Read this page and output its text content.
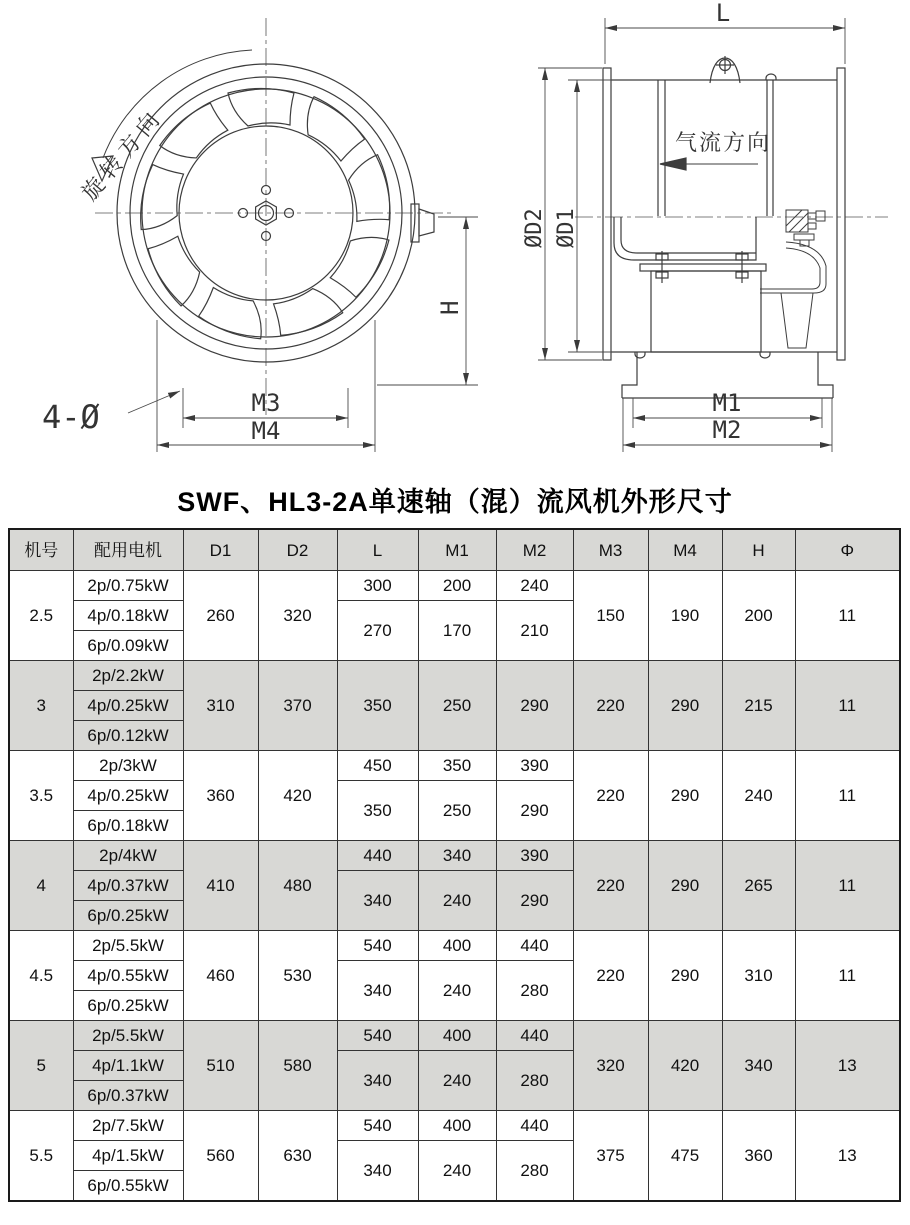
旋转方向
H
M3
M4
4-Ø
气流方向
L
ØD2 ØD1
M1
M2
SWF、HL3-2A单速轴（混）流风机外形尺寸
机号	配用电机	D1	D2	L	M1	M2	M3	M4	H	Φ
2.5	2p/0.75kW	260	320	300	200	240	150	190	200	11
	4p/0.18kW			270	170	210				
	6p/0.09kW									
3	2p/2.2kW	310	370	350	250	290	220	290	215	11
	4p/0.25kW									
	6p/0.12kW									
3.5	2p/3kW	360	420	450	350	390	220	290	240	11
	4p/0.25kW			350	250	290				
	6p/0.18kW									
4	2p/4kW	410	480	440	340	390	220	290	265	11
	4p/0.37kW			340	240	290				
	6p/0.25kW									
4.5	2p/5.5kW	460	530	540	400	440	220	290	310	11
	4p/0.55kW			340	240	280				
	6p/0.25kW									
5	2p/5.5kW	510	580	540	400	440	320	420	340	13
	4p/1.1kW			340	240	280				
	6p/0.37kW									
5.5	2p/7.5kW	560	630	540	400	440	375	475	360	13
	4p/1.5kW			340	240	280				
	6p/0.55kW									
